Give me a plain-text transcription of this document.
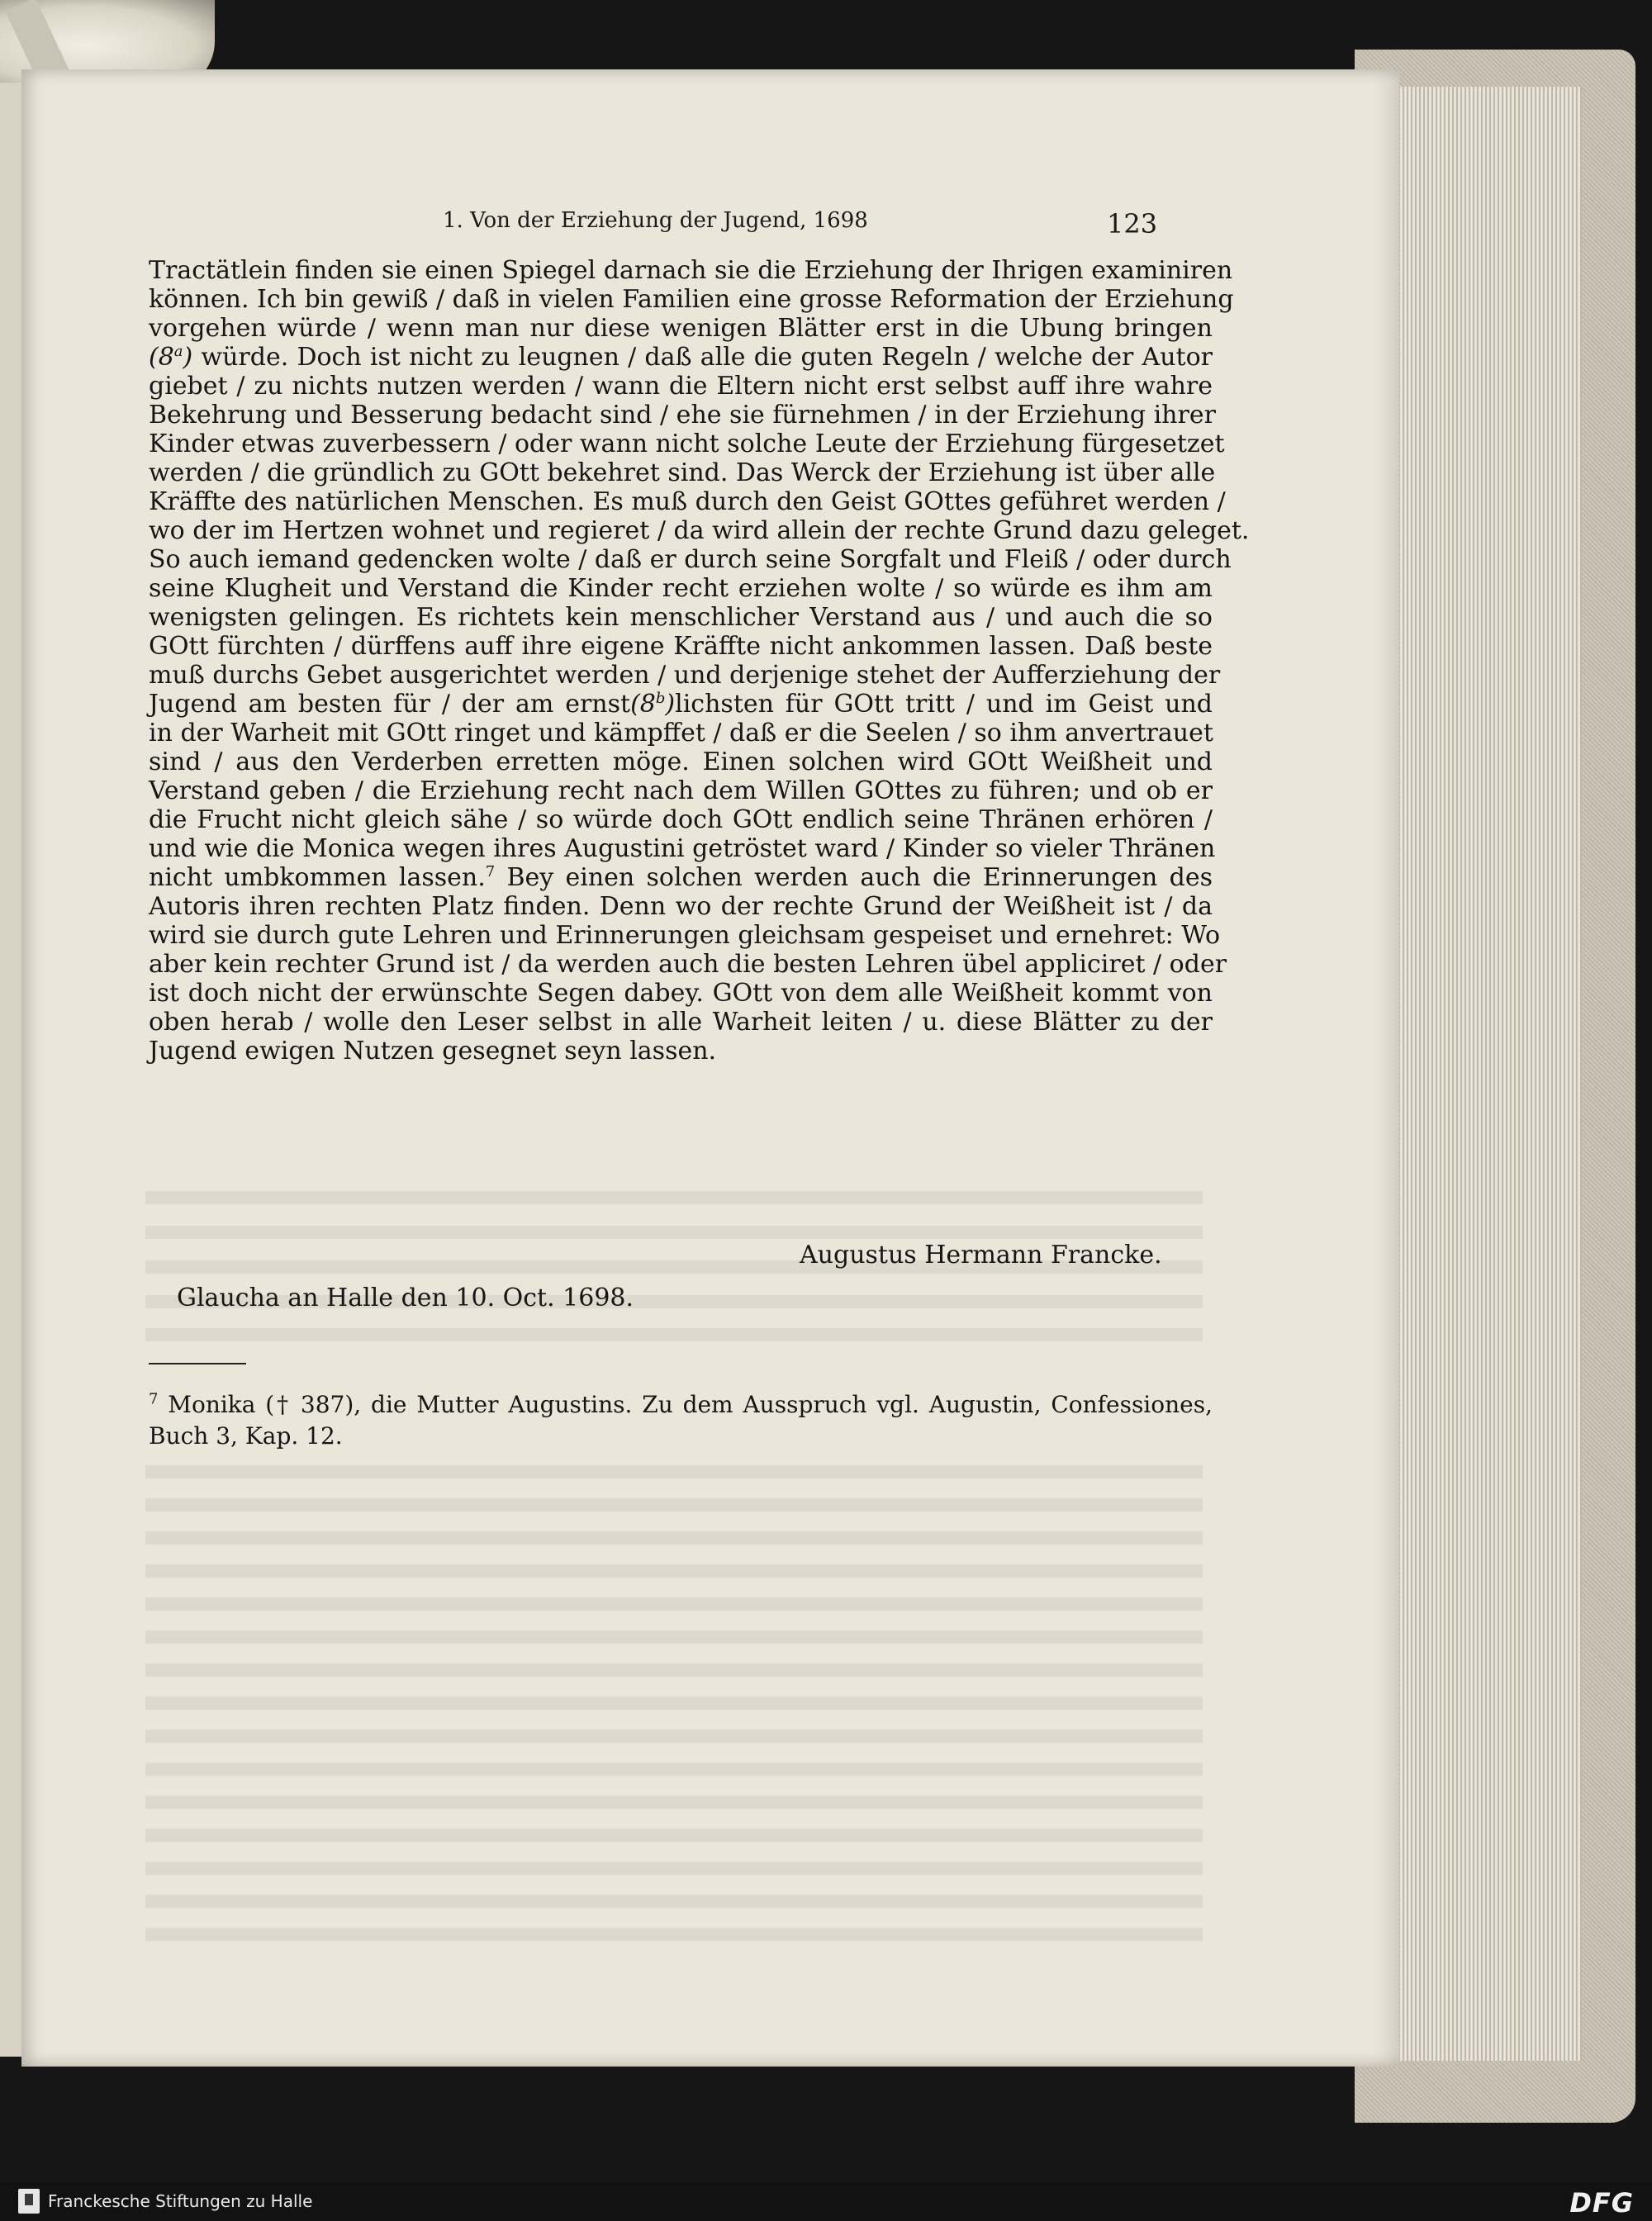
1. Von der Erziehung der Jugend, 1698	123
Tractätlein finden sie einen Spiegel darnach sie die Erziehung der Ihrigen examiniren
können. Ich bin gewiß / daß in vielen Familien eine grosse Reformation der Erziehung
vorgehen würde / wenn man nur diese wenigen Blätter erst in die Ubung bringen
(8$^a$) würde. Doch ist nicht zu leugnen / daß alle die guten Regeln / welche der Autor
giebet / zu nichts nutzen werden / wann die Eltern nicht erst selbst auff ihre wahre
Bekehrung und Besserung bedacht sind / ehe sie fürnehmen / in der Erziehung ihrer
Kinder etwas zuverbessern / oder wann nicht solche Leute der Erziehung fürgesetzet
werden / die gründlich zu GOtt bekehret sind. Das Werck der Erziehung ist über alle
Kräffte des natürlichen Menschen. Es muß durch den Geist GOttes geführet werden /
wo der im Hertzen wohnet und regieret / da wird allein der rechte Grund dazu geleget.
So auch iemand gedencken wolte / daß er durch seine Sorgfalt und Fleiß / oder durch
seine Klugheit und Verstand die Kinder recht erziehen wolte / so würde es ihm am
wenigsten gelingen. Es richtets kein menschlicher Verstand aus / und auch die so
GOtt fürchten / dürffens auff ihre eigene Kräffte nicht ankommen lassen. Daß beste
muß durchs Gebet ausgerichtet werden / und derjenige stehet der Aufferziehung der
Jugend am besten für / der am ernst(8$^b$)lichsten für GOtt tritt / und im Geist und
in der Warheit mit GOtt ringet und kämpffet / daß er die Seelen / so ihm anvertrauet
sind / aus den Verderben erretten möge. Einen solchen wird GOtt Weißheit und
Verstand geben / die Erziehung recht nach dem Willen GOttes zu führen; und ob er
die Frucht nicht gleich sähe / so würde doch GOtt endlich seine Thränen erhören /
und wie die Monica wegen ihres Augustini getröstet ward / Kinder so vieler Thränen
nicht umbkommen lassen.$^7$ Bey einen solchen werden auch die Erinnerungen des
Autoris ihren rechten Platz finden. Denn wo der rechte Grund der Weißheit ist / da
wird sie durch gute Lehren und Erinnerungen gleichsam gespeiset und ernehret: Wo
aber kein rechter Grund ist / da werden auch die besten Lehren übel appliciret / oder
ist doch nicht der erwünschte Segen dabey. GOtt von dem alle Weißheit kommt von
oben herab / wolle den Leser selbst in alle Warheit leiten / u. diese Blätter zu der
Jugend ewigen Nutzen gesegnet seyn lassen.
Augustus Hermann Francke.
Glaucha an Halle den 10. Oct. 1698.
$^7$ Monika († 387), die Mutter Augustins. Zu dem Ausspruch vgl. Augustin, Confessiones,
Buch 3, Kap. 12.
Franckesche Stiftungen zu Halle	DFG
